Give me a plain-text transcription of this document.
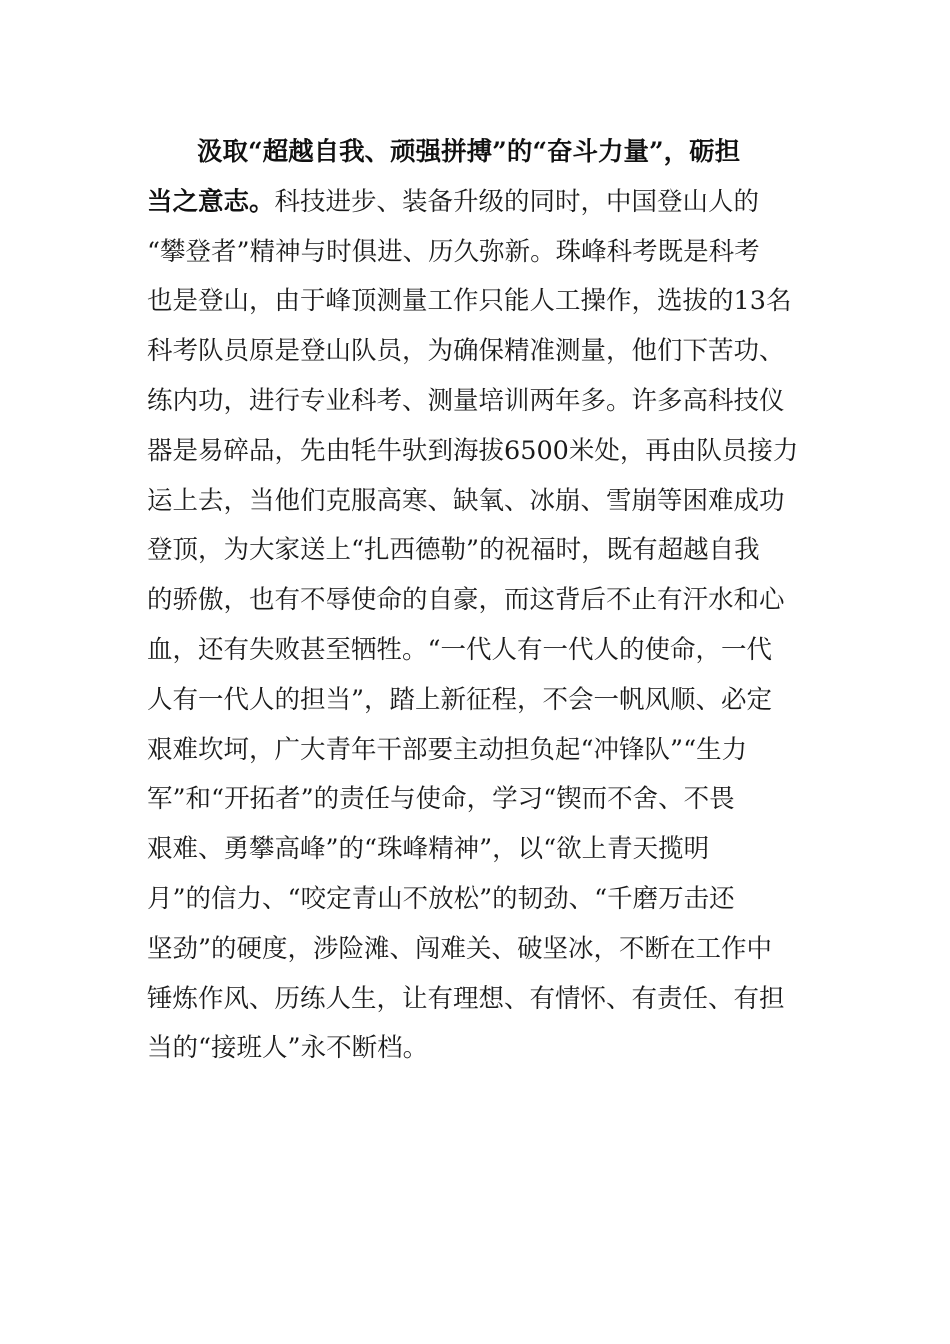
汲取“超越自我、顽强拼搏”的“奋斗力量”，砺担
当之意志。科技进步、装备升级的同时，中国登山人的
“攀登者”精神与时俱进、历久弥新。珠峰科考既是科考
也是登山，由于峰顶测量工作只能人工操作，选拔的13名
科考队员原是登山队员，为确保精准测量，他们下苦功、
练内功，进行专业科考、测量培训两年多。许多高科技仪
器是易碎品，先由牦牛驮到海拔6500米处，再由队员接力
运上去，当他们克服高寒、缺氧、冰崩、雪崩等困难成功
登顶，为大家送上“扎西德勒”的祝福时，既有超越自我
的骄傲，也有不辱使命的自豪，而这背后不止有汗水和心
血，还有失败甚至牺牲。“一代人有一代人的使命，一代
人有一代人的担当”，踏上新征程，不会一帆风顺、必定
艰难坎坷，广大青年干部要主动担负起“冲锋队”“生力
军”和“开拓者”的责任与使命，学习“锲而不舍、不畏
艰难、勇攀高峰”的“珠峰精神”，以“欲上青天揽明
月”的信力、“咬定青山不放松”的韧劲、“千磨万击还
坚劲”的硬度，涉险滩、闯难关、破坚冰，不断在工作中
锤炼作风、历练人生，让有理想、有情怀、有责任、有担
当的“接班人”永不断档。
